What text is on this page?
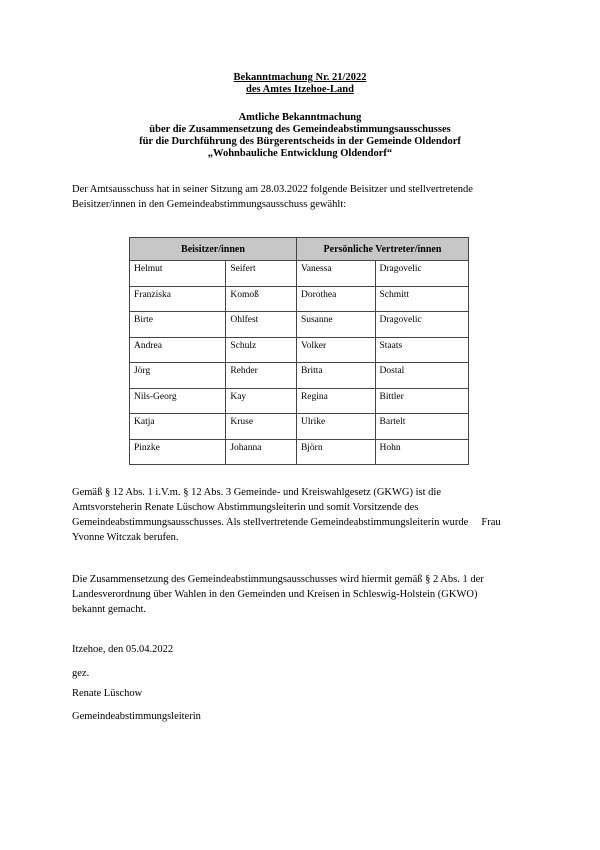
Bekanntmachung Nr. 21/2022
des Amtes Itzehoe-Land
Amtliche Bekanntmachung
über die Zusammensetzung des Gemeindeabstimmungsausschusses
für die Durchführung des Bürgerentscheids in der Gemeinde Oldendorf
„Wohnbauliche Entwicklung Oldendorf“

Der Amtsausschuss hat in seiner Sitzung am 28.03.2022 folgende Beisitzer und stellvertretende

Beisitzer/innen in den Gemeindeabstimmungsausschuss gewählt:

Beisitzer/innen		Persönliche Vertreter/innen	
Helmut	Seifert	Vanessa	Dragovelic
Franziska	Komoß	Dorothea	Schmitt
Birte	Ohlfest	Susanne	Dragovelic
Andrea	Schulz	Volker	Staats
Jörg	Rehder	Britta	Dostal
Nils-Georg	Kay	Regina	Bittler
Katja	Kruse	Ulrike	Bartelt
Pinzke	Johanna	Björn	Hohn

Gemäß § 12 Abs. 1 i.V.m. § 12 Abs. 3 Gemeinde- und Kreiswahlgesetz (GKWG) ist die

Amtsvorsteherin Renate Lüschow Abstimmungsleiterin und somit Vorsitzende des

Gemeindeabstimmungsausschusses. Als stellvertretende Gemeindeabstimmungsleiterin wurde     Frau

Yvonne Witczak berufen.

Die Zusammensetzung des Gemeindeabstimmungsausschusses wird hiermit gemäß § 2 Abs. 1 der

Landesverordnung über Wahlen in den Gemeinden und Kreisen in Schleswig-Holstein (GKWO)

bekannt gemacht.

Itzehoe, den 05.04.2022
gez.
Renate Lüschow
Gemeindeabstimmungsleiterin
